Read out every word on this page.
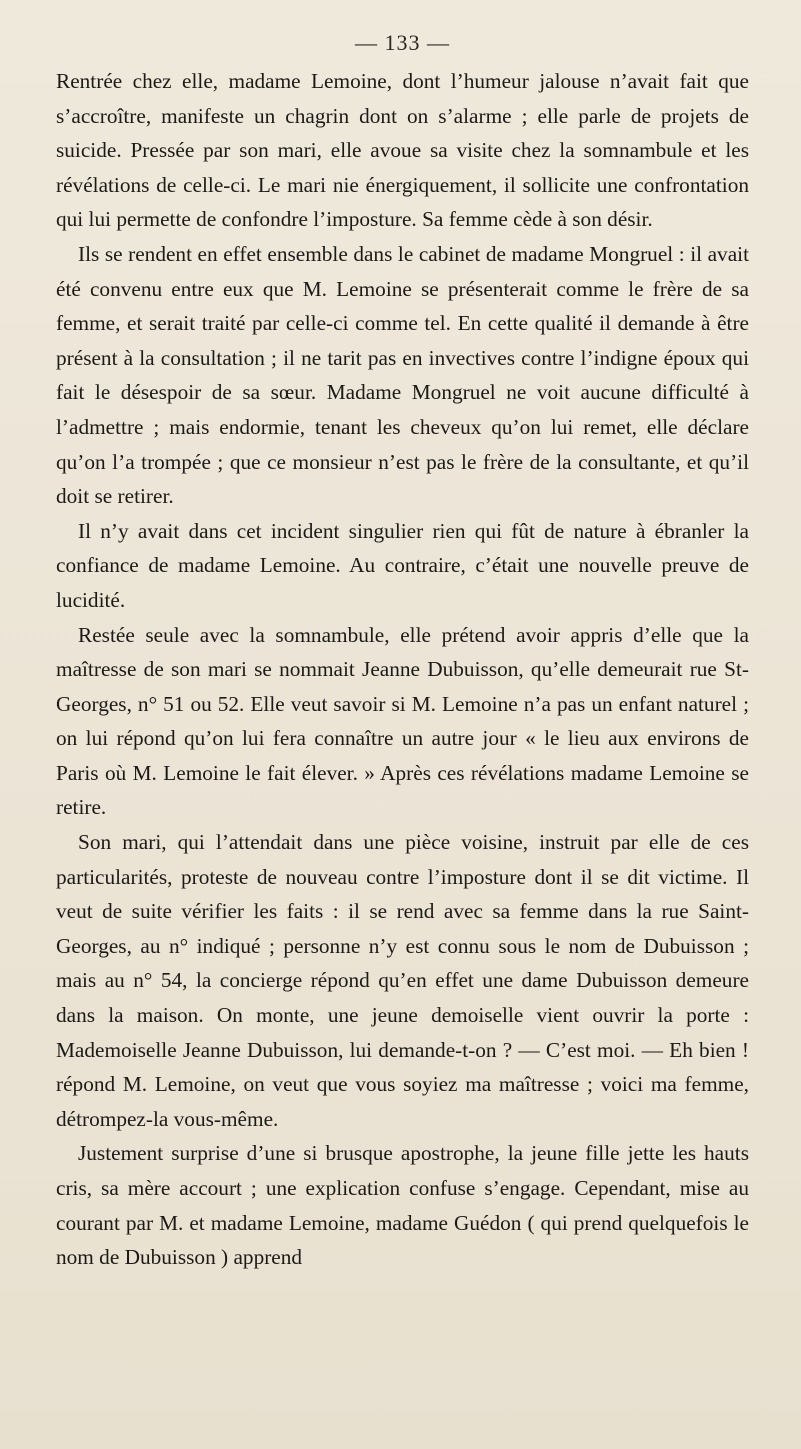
— 133 —

Rentrée chez elle, madame Lemoine, dont l’humeur jalouse n’avait fait que s’accroître, manifeste un chagrin dont on s’alarme ; elle parle de projets de suicide. Pressée par son mari, elle avoue sa visite chez la somnambule et les révélations de celle-ci. Le mari nie énergiquement, il sollicite une confrontation qui lui permette de confondre l’imposture. Sa femme cède à son désir.

Ils se rendent en effet ensemble dans le cabinet de madame Mongruel : il avait été convenu entre eux que M. Lemoine se présenterait comme le frère de sa femme, et serait traité par celle-ci comme tel. En cette qualité il demande à être présent à la consultation ; il ne tarit pas en invectives contre l’indigne époux qui fait le désespoir de sa sœur. Madame Mongruel ne voit aucune difficulté à l’admettre ; mais endormie, tenant les cheveux qu’on lui remet, elle déclare qu’on l’a trompée ; que ce monsieur n’est pas le frère de la consultante, et qu’il doit se retirer.

Il n’y avait dans cet incident singulier rien qui fût de nature à ébranler la confiance de madame Lemoine. Au contraire, c’était une nouvelle preuve de lucidité.

Restée seule avec la somnambule, elle prétend avoir appris d’elle que la maîtresse de son mari se nommait Jeanne Dubuisson, qu’elle demeurait rue St-Georges, n° 51 ou 52. Elle veut savoir si M. Lemoine n’a pas un enfant naturel ; on lui répond qu’on lui fera connaître un autre jour « le lieu aux environs de Paris où M. Lemoine le fait élever. » Après ces révélations madame Lemoine se retire.

Son mari, qui l’attendait dans une pièce voisine, instruit par elle de ces particularités, proteste de nouveau contre l’imposture dont il se dit victime. Il veut de suite vérifier les faits : il se rend avec sa femme dans la rue Saint-Georges, au n° indiqué ; personne n’y est connu sous le nom de Dubuisson ; mais au n° 54, la concierge répond qu’en effet une dame Dubuisson demeure dans la maison. On monte, une jeune demoiselle vient ouvrir la porte : Mademoiselle Jeanne Dubuisson, lui demande-t-on ? — C’est moi. — Eh bien ! répond M. Lemoine, on veut que vous soyiez ma maîtresse ; voici ma femme, détrompez-la vous-même.

Justement surprise d’une si brusque apostrophe, la jeune fille jette les hauts cris, sa mère accourt ; une explication confuse s’engage. Cependant, mise au courant par M. et madame Lemoine, madame Guédon ( qui prend quelquefois le nom de Dubuisson ) apprend
